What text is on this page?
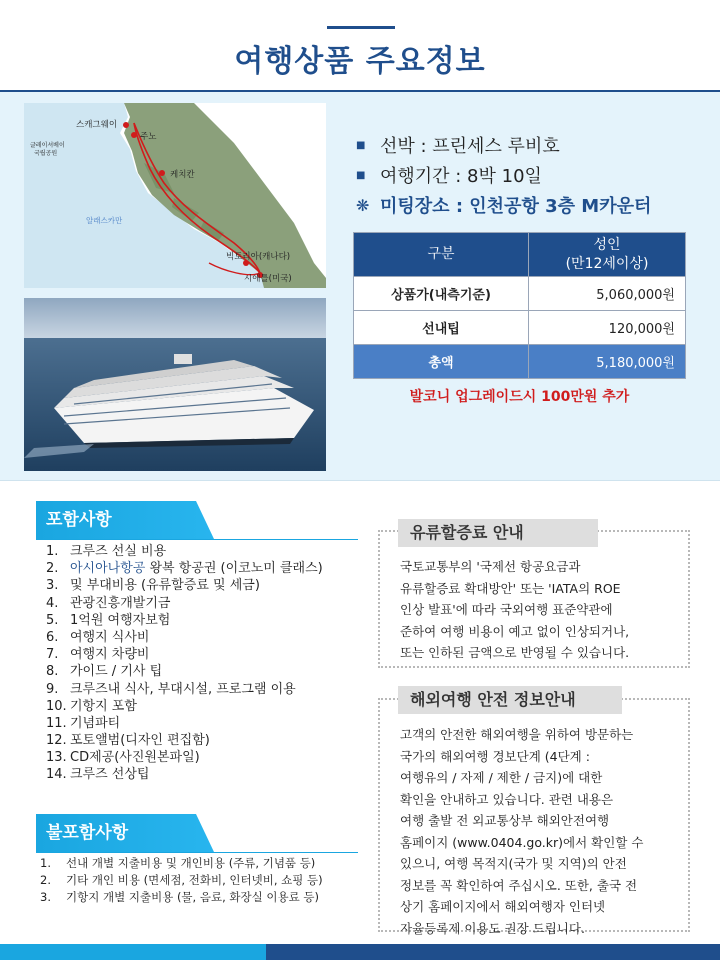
여행상품 주요정보
스캐그웨이
주노
글레이셔베이
국립공원
케치칸
알래스카만
빅토리아(캐나다)
시애틀(미국)
■ 선박 : 프린세스 루비호
■ 여행기간 : 8박 10일
❋ 미팅장소 : 인천공항 3층 M카운터
구분	성인
(만12세이상)
상품가(내측기준)	5,060,000원
선내팁	120,000원
총액	5,180,000원
발코니 업그레이드시 100만원 추가
포함사항
1. 크루즈 선실 비용
2. 아시아나항공 왕복 항공권 (이코노미 클래스)
3. 및 부대비용 (유류할증료 및 세금)
4. 관광진흥개발기금
5. 1억원 여행자보험
6. 여행지 식사비
7. 여행지 차량비
8. 가이드 / 기사 팁
9. 크루즈내 식사, 부대시설, 프로그램 이용
10. 기항지 포함
11. 기념파티
12. 포토앨범(디자인 편집함)
13. CD제공(사진원본파일)
14. 크루즈 선상팁
불포함사항
1. 선내 개별 지출비용 및 개인비용 (주류, 기념품 등)
2. 기타 개인 비용 (면세점, 전화비, 인터넷비, 쇼핑 등)
3. 기항지 개별 지출비용 (물, 음료, 화장실 이용료 등)
국토교통부의 '국제선 항공요금과
유류할증료 확대방안' 또는 'IATA의 ROE
인상 발표'에 따라 국외여행 표준약관에
준하여 여행 비용이 예고 없이 인상되거나,
또는 인하된 금액으로 반영될 수 있습니다.
유류할증료 안내
고객의 안전한 해외여행을 위하여 방문하는
국가의 해외여행 경보단계 (4단계 :
여행유의 / 자제 / 제한 / 금지)에 대한
확인을 안내하고 있습니다. 관련 내용은
여행 출발 전 외교통상부 해외안전여행
홈페이지 (www.0404.go.kr)에서 확인할 수
있으니, 여행 목적지(국가 및 지역)의 안전
정보를 꼭 확인하여 주십시오. 또한, 출국 전
상기 홈페이지에서 해외여행자 인터넷
자율등록제 이용도 권장 드립니다.
해외여행 안전 정보안내
